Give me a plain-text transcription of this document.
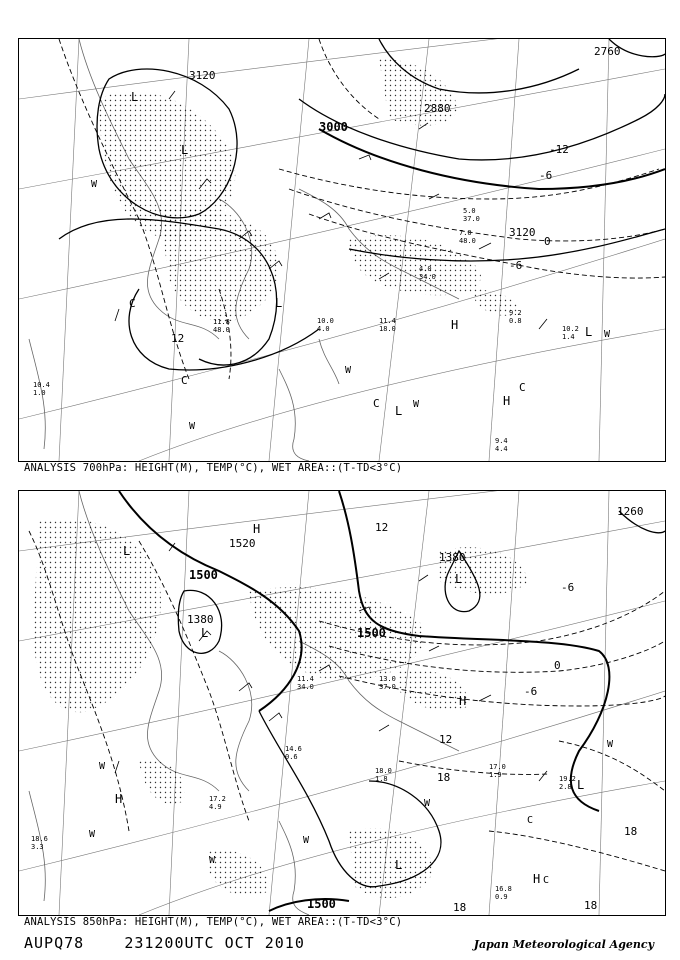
3120
3000
2880
2760
3120
-12
-6
0
-6
12
L
L
L
H
H
C
C
C
C
L
L
W
W
W
W
W
10.4 1.0
9.2 0.8
10.2 1.4
9.4 4.4
11.8 48.0
11.4 18.0
10.0 4.0
7.0 48.0
5.0 37.0
4.0 34.0
ANALYSIS 700hPa: HEIGHT(M), TEMP(°C), WET AREA::(T-TD<3°C)
1500
1380
1520
1500
1500
1260
1380
12
-6
0
-6
12
18
18
18	18
L
L
L
L
L
H
H
H
H C
C
W
W
W
W
W
W
18.6 3.3
17.2 4.9
19.2 2.8
16.8 0.9
17.0 1.9
18.0 1.8
13.0 37.0
11.4 34.0
14.6 0.6
ANALYSIS 850hPa: HEIGHT(M), TEMP(°C), WET AREA::(T-TD<3°C)
AUPQ78	231200UTC OCT 2010	Japan Meteorological Agency
